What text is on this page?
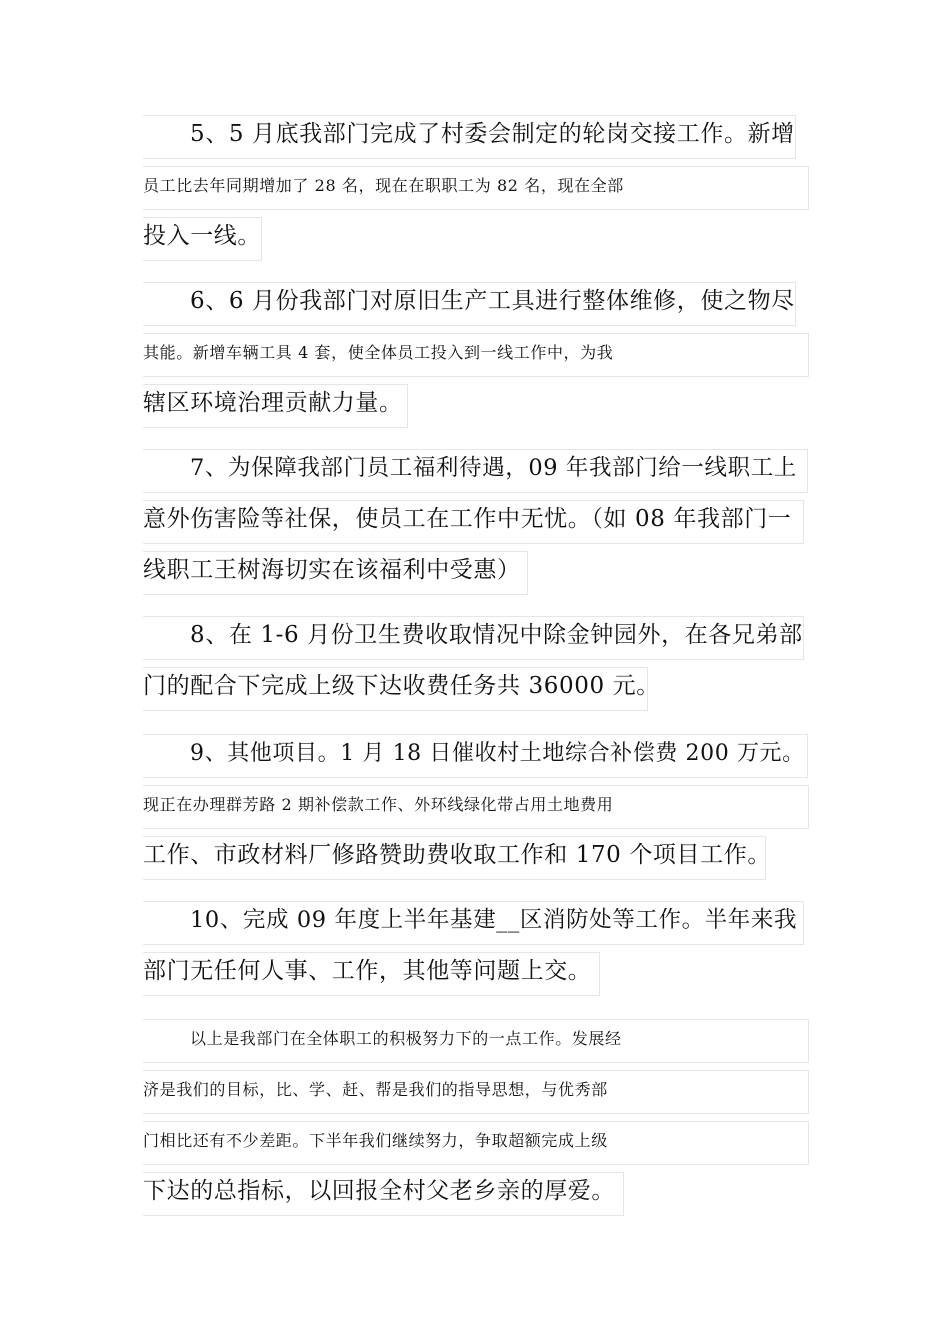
5、5 月底我部门完成了村委会制定的轮岗交接工作。新增
员工比去年同期增加了 28 名，现在在职职工为 82 名，现在全部
投入一线。
6、6 月份我部门对原旧生产工具进行整体维修，使之物尽
其能。新增车辆工具 4 套，使全体员工投入到一线工作中，为我
辖区环境治理贡献力量。
7、为保障我部门员工福利待遇，09 年我部门给一线职工上
意外伤害险等社保，使员工在工作中无忧。（如 08 年我部门一
线职工王树海切实在该福利中受惠）
8、在 1-6 月份卫生费收取情况中除金钟园外，在各兄弟部
门的配合下完成上级下达收费任务共 36000 元。
9、其他项目。1 月 18 日催收村土地综合补偿费 200 万元。
现正在办理群芳路 2 期补偿款工作、外环线绿化带占用土地费用
工作、市政材料厂修路赞助费收取工作和 170 个项目工作。
10、完成 09 年度上半年基建__区消防处等工作。半年来我
部门无任何人事、工作，其他等问题上交。
以上是我部门在全体职工的积极努力下的一点工作。发展经
济是我们的目标，比、学、赶、帮是我们的指导思想，与优秀部
门相比还有不少差距。下半年我们继续努力，争取超额完成上级
下达的总指标，以回报全村父老乡亲的厚爱。
